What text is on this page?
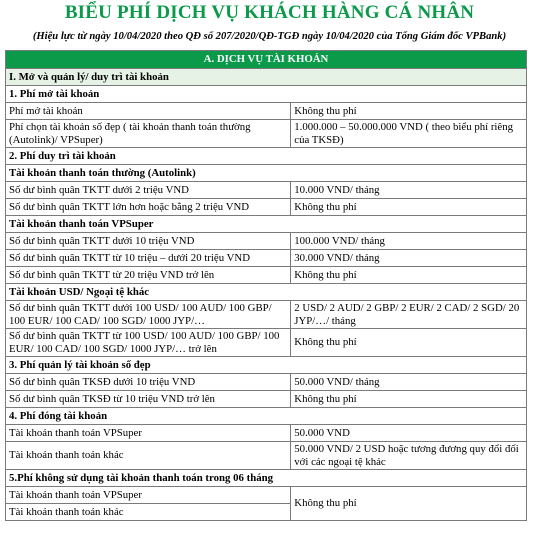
BIỂU PHÍ DỊCH VỤ KHÁCH HÀNG CÁ NHÂN
(Hiệu lực từ ngày 10/04/2020 theo QĐ số 207/2020/QĐ-TGĐ ngày 10/04/2020 của Tổng Giám đốc VPBank)
A. DỊCH VỤ TÀI KHOẢN	
I. Mở và quản lý/ duy trì tài khoản	
1. Phí mở tài khoản	
Phí mở tài khoản	Không thu phí
Phí chọn tài khoản số đẹp ( tài khoản thanh toán thường (Autolink)/ VPSuper)	1.000.000 – 50.000.000 VND ( theo biểu phí riêng của TKSĐ)
2. Phí duy trì tài khoản	
Tài khoản thanh toán thường (Autolink)	
Số dư bình quân TKTT dưới 2 triệu VND	10.000 VND/ tháng
Số dư bình quân TKTT lớn hơn hoặc bằng 2 triệu VND	Không thu phí
Tài khoản thanh toán VPSuper	
Số dư bình quân TKTT dưới 10 triệu VND	100.000 VND/ tháng
Số dư bình quân TKTT từ 10 triệu – dưới 20 triệu VND	30.000 VND/ tháng
Số dư bình quân TKTT từ 20 triệu VND trở lên	Không thu phí
Tài khoản USD/ Ngoại tệ khác	
Số dư bình quân TKTT dưới 100 USD/ 100 AUD/ 100 GBP/ 100 EUR/ 100 CAD/ 100 SGD/ 1000 JYP/…	2 USD/ 2 AUD/ 2 GBP/ 2 EUR/ 2 CAD/ 2 SGD/ 20 JYP/…/ tháng
Số dư bình quân TKTT từ 100 USD/ 100 AUD/ 100 GBP/ 100 EUR/ 100 CAD/ 100 SGD/ 1000 JYP/… trở lên	Không thu phí
3. Phí quản lý tài khoản số đẹp	
Số dư bình quân TKSĐ dưới 10 triệu VND	50.000 VND/ tháng
Số dư bình quân TKSĐ từ 10 triệu VND trở lên	Không thu phí
4. Phí đóng tài khoản	
Tài khoản thanh toán VPSuper	50.000 VND
Tài khoản thanh toán khác	50.000 VND/ 2 USD hoặc tương đương quy đổi đối với các ngoại tệ khác
5.Phí không sử dụng tài khoản thanh toán trong 06 tháng	
Tài khoản thanh toán VPSuper	Không thu phí
Tài khoản thanh toán khác	
